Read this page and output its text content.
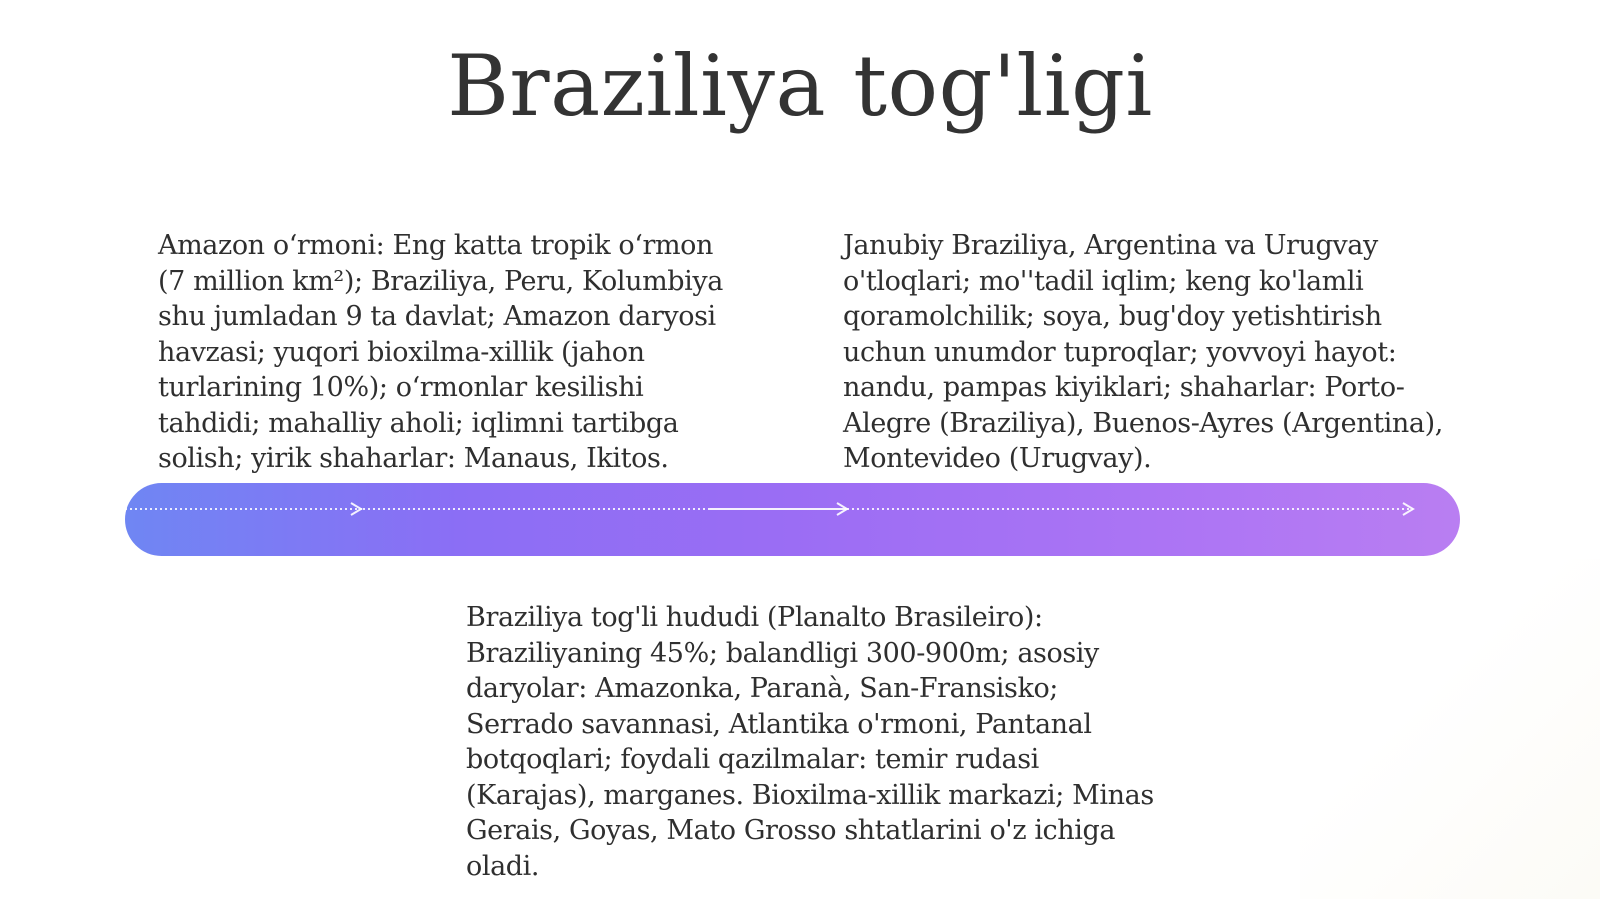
Braziliya tog'ligi

Amazon o‘rmoni: Eng katta tropik o‘rmon (7 million km²); Braziliya, Peru, Kolumbiya shu jumladan 9 ta davlat; Amazon daryosi havzasi; yuqori bioxilma-xillik (jahon turlarining 10%); o‘rmonlar kesilishi tahdidi; mahalliy aholi; iqlimni tartibga solish; yirik shaharlar: Manaus, Ikitos.

Janubiy Braziliya, Argentina va Urugvay o'tloqlari; mo''tadil iqlim; keng ko'lamli qoramolchilik; soya, bug'doy yetishtirish uchun unumdor tuproqlar; yovvoyi hayot: nandu, pampas kiyiklari; shaharlar: Porto-Alegre (Braziliya), Buenos-Ayres (Argentina), Montevideo (Urugvay).

Braziliya tog'li hududi (Planalto Brasileiro): Braziliyaning 45%; balandligi 300-900m; asosiy daryolar: Amazonka, Paranà, San-Fransisko; Serrado savannasi, Atlantika o'rmoni, Pantanal botqoqlari; foydali qazilmalar: temir rudasi (Karajas), marganes. Bioxilma-xillik markazi; Minas Gerais, Goyas, Mato Grosso shtatlarini o'z ichiga oladi.
